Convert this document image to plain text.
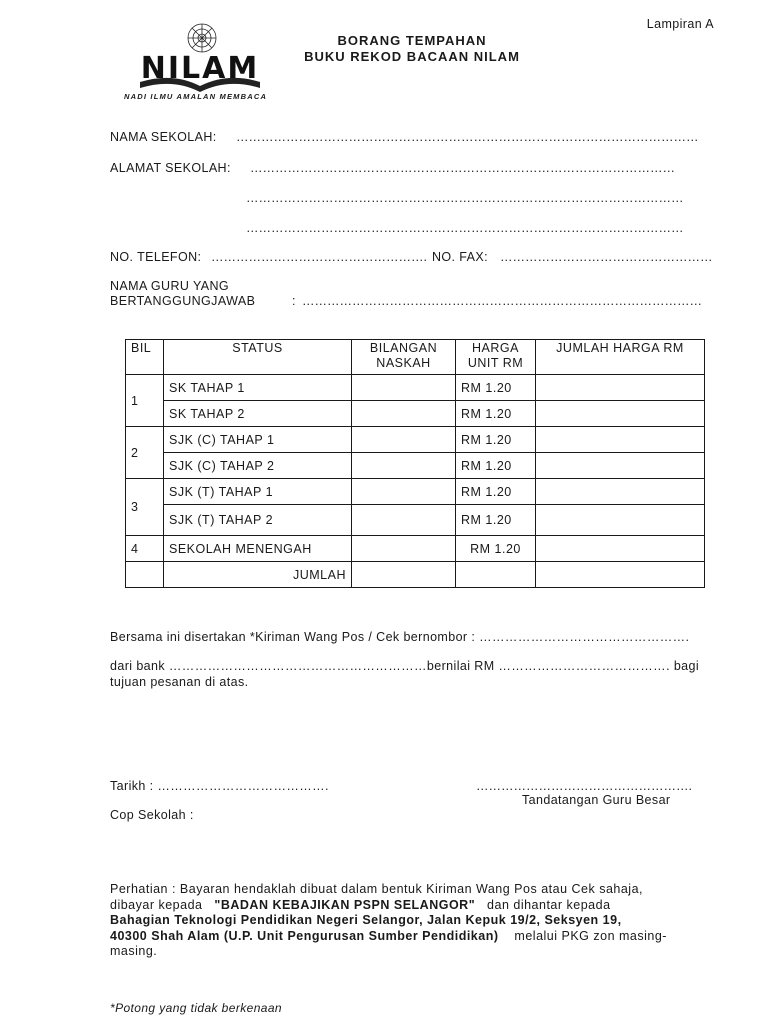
Lampiran A
NILAM
NADI ILMU AMALAN MEMBACA
BORANG TEMPAHAN
BUKU REKOD BACAAN NILAM
NAMA SEKOLAH: …………………………………………………………………………………………………
ALAMAT SEKOLAH: …………………………………………………………………………………………
……………………………………………………………………………………………
……………………………………………………………………………………………
NO. TELEFON: ……………………………………………. NO. FAX: ……………………………………………
NAMA GURU YANG
BERTANGGUNGJAWAB	: ……………………………………………………………………………………
BIL	STATUS	BILANGAN NASKAH	HARGA UNIT RM	JUMLAH HARGA RM
1	SK TAHAP 1		RM 1.20	
	SK TAHAP 2		RM 1.20	
2	SJK (C) TAHAP 1		RM 1.20	
	SJK (C) TAHAP 2		RM 1.20	
3	SJK (T) TAHAP 1		RM 1.20	
	SJK (T) TAHAP 2		RM 1.20	
4	SEKOLAH MENENGAH		RM 1.20	
	JUMLAH			
Bersama ini disertakan *Kiriman Wang Pos / Cek bernombor : ………………………………………….
dari bank ……………………………………………………bernilai RM …………………………………. bagi
tujuan pesanan di atas.
Tarikh : ………………………………….	…………………………………………….
Tandatangan Guru Besar
Cop Sekolah :
Perhatian : Bayaran hendaklah dibuat dalam bentuk Kiriman Wang Pos atau Cek sahaja,
dibayar kepada "BADAN KEBAJIKAN PSPN SELANGOR" dan dihantar kepada
Bahagian Teknologi Pendidikan Negeri Selangor, Jalan Kepuk 19/2, Seksyen 19,
40300 Shah Alam (U.P. Unit Pengurusan Sumber Pendidikan) melalui PKG zon masing-
masing.
*Potong yang tidak berkenaan
